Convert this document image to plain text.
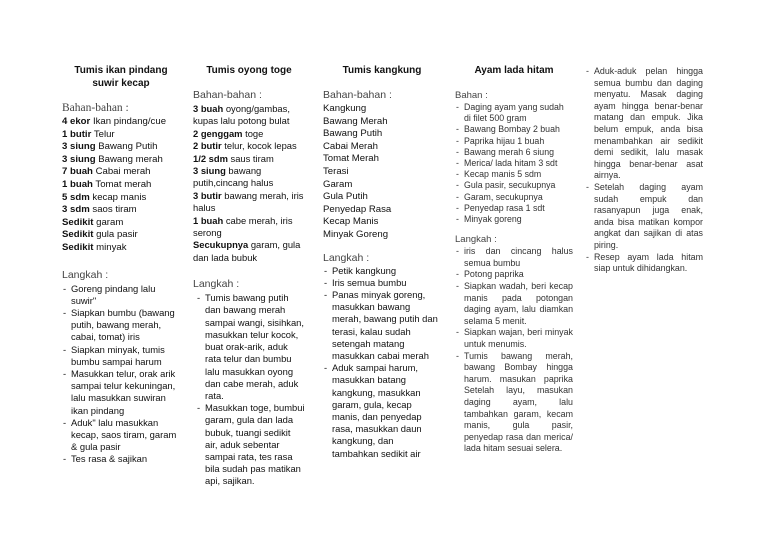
Tumis ikan pindang suwir kecap

Bahan-bahan :

4 ekor Ikan pindang/cue
1 butir Telur
3 siung Bawang Putih
3 siung Bawang merah
7 buah Cabai merah
1 buah Tomat merah
5 sdm kecap manis
3 sdm saos tiram
Sedikit garam
Sedikit gula pasir
Sedikit minyak

Langkah :

- Goreng pindang lalu suwir"
- Siapkan bumbu (bawang putih, bawang merah, cabai, tomat) iris
- Siapkan minyak, tumis bumbu sampai harum
- Masukkan telur, orak arik sampai telur kekuningan, lalu masukkan suwiran ikan pindang
- Aduk" lalu masukkan kecap, saos tiram, garam & gula pasir
- Tes rasa & sajikan

Tumis oyong toge

Bahan-bahan :

3 buah oyong/gambas, kupas lalu potong bulat
2 genggam toge
2 butir telur, kocok lepas
1/2 sdm saus tiram
3 siung bawang putih,cincang halus
3 butir bawang merah, iris halus
1 buah cabe merah, iris serong
Secukupnya garam, gula dan lada bubuk

Langkah :

- Tumis bawang putih dan bawang merah sampai wangi, sisihkan, masukkan telur kocok, buat orak-arik, aduk rata telur dan bumbu lalu masukkan oyong dan cabe merah, aduk rata.
- Masukkan toge, bumbui garam, gula dan lada bubuk, tuangi sedikit air, aduk sebentar sampai rata, tes rasa bila sudah pas matikan api, sajikan.

Tumis kangkung

Bahan-bahan :

Kangkung
Bawang Merah
Bawang Putih
Cabai Merah
Tomat Merah
Terasi
Garam
Gula Putih
Penyedap Rasa
Kecap Manis
Minyak Goreng

Langkah :

- Petik kangkung
- Iris semua bumbu
- Panas minyak goreng, masukkan bawang merah, bawang putih dan terasi, kalau sudah setengah matang masukkan cabai merah
- Aduk sampai harum, masukkan batang kangkung, masukkan garam, gula, kecap manis, dan penyedap rasa, masukkan daun kangkung, dan tambahkan sedikit air

Ayam lada hitam

Bahan :

- Daging ayam yang sudah di filet 500 gram
- Bawang Bombay 2 buah
- Paprika hijau 1 buah
- Bawang merah 6 siung
- Merica/ lada hitam 3 sdt
- Kecap manis 5 sdm
- Gula pasir, secukupnya
- Garam, secukupnya
- Penyedap rasa 1 sdt
- Minyak goreng

Langkah :

- iris dan cincang halus semua bumbu
- Potong paprika
- Siapkan wadah, beri kecap manis pada potongan daging ayam, lalu diamkan selama 5 menit.
- Siapkan wajan, beri minyak untuk menumis.
- Tumis bawang merah, bawang Bombay hingga harum. masukan paprika Setelah layu, masukan daging ayam, lalu tambahkan garam, kecam manis, gula pasir, penyedap rasa dan merica/ lada hitam sesuai selera.
- Aduk-aduk pelan hingga semua bumbu dan daging menyatu. Masak daging ayam hingga benar-benar matang dan empuk. Jika belum empuk, anda bisa menambahkan air sedikit demi sedikit, lalu masak hingga benar-benar asat airnya.
- Setelah daging ayam sudah empuk dan rasanyapun juga enak, anda bisa matikan kompor angkat dan sajikan di atas piring.
- Resep ayam lada hitam siap untuk dihidangkan.
